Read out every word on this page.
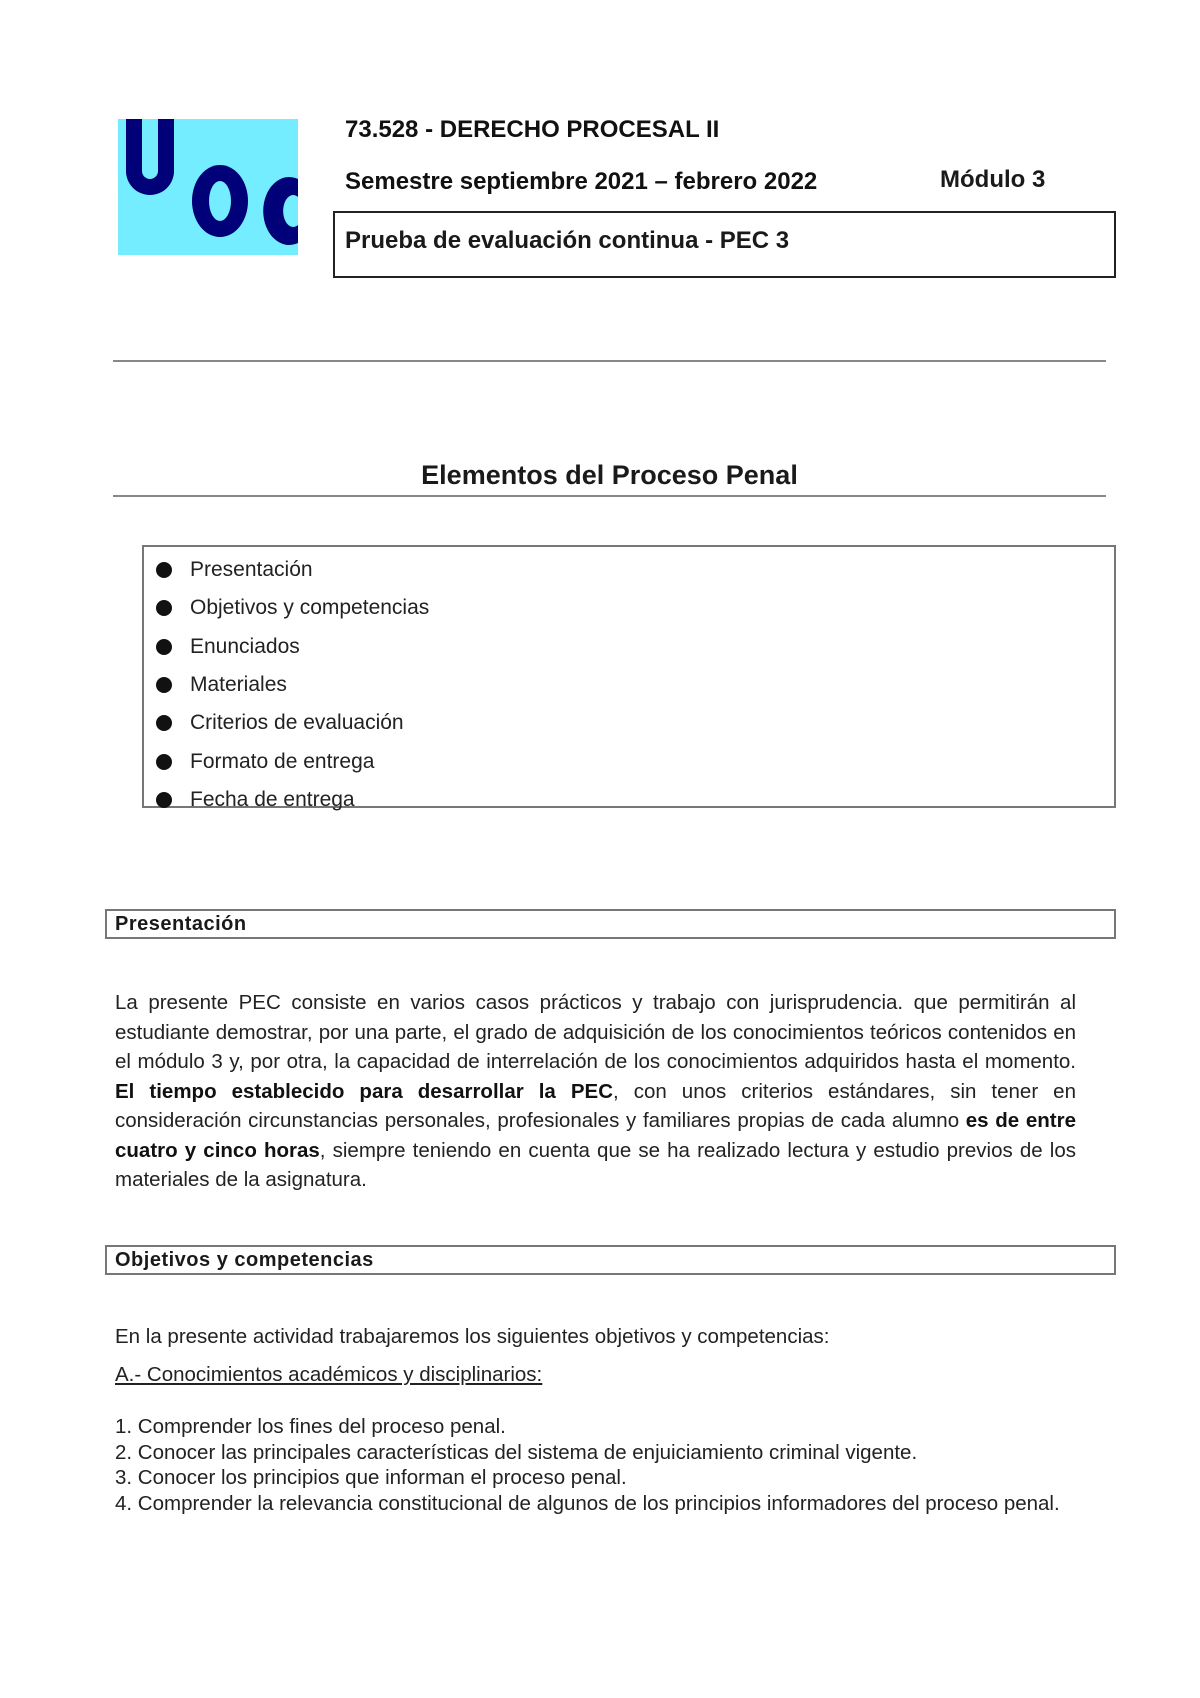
73.528 - DERECHO PROCESAL II
Semestre septiembre 2021 – febrero 2022	Módulo 3
Prueba de evaluación continua - PEC 3
Elementos del Proceso Penal
Presentación
Objetivos y competencias
Enunciados
Materiales
Criterios de evaluación
Formato de entrega
Fecha de entrega
Presentación

La presente PEC consiste en varios casos prácticos y trabajo con jurisprudencia. que permitirán al estudiante demostrar, por una parte, el grado de adquisición de los conocimientos teóricos contenidos en el módulo 3 y, por otra, la capacidad de interrelación de los conocimientos adquiridos hasta el momento. El tiempo establecido para desarrollar la PEC, con unos criterios estándares, sin tener en consideración circunstancias personales, profesionales y familiares propias de cada alumno es de entre cuatro y cinco horas, siempre teniendo en cuenta que se ha realizado lectura y estudio previos de los materiales de la asignatura.

Objetivos y competencias
En la presente actividad trabajaremos los siguientes objetivos y competencias:
A.- Conocimientos académicos y disciplinarios:
1. Comprender los fines del proceso penal.
2. Conocer las principales características del sistema de enjuiciamiento criminal vigente.
3. Conocer los principios que informan el proceso penal.
4. Comprender la relevancia constitucional de algunos de los principios informadores del proceso penal.
